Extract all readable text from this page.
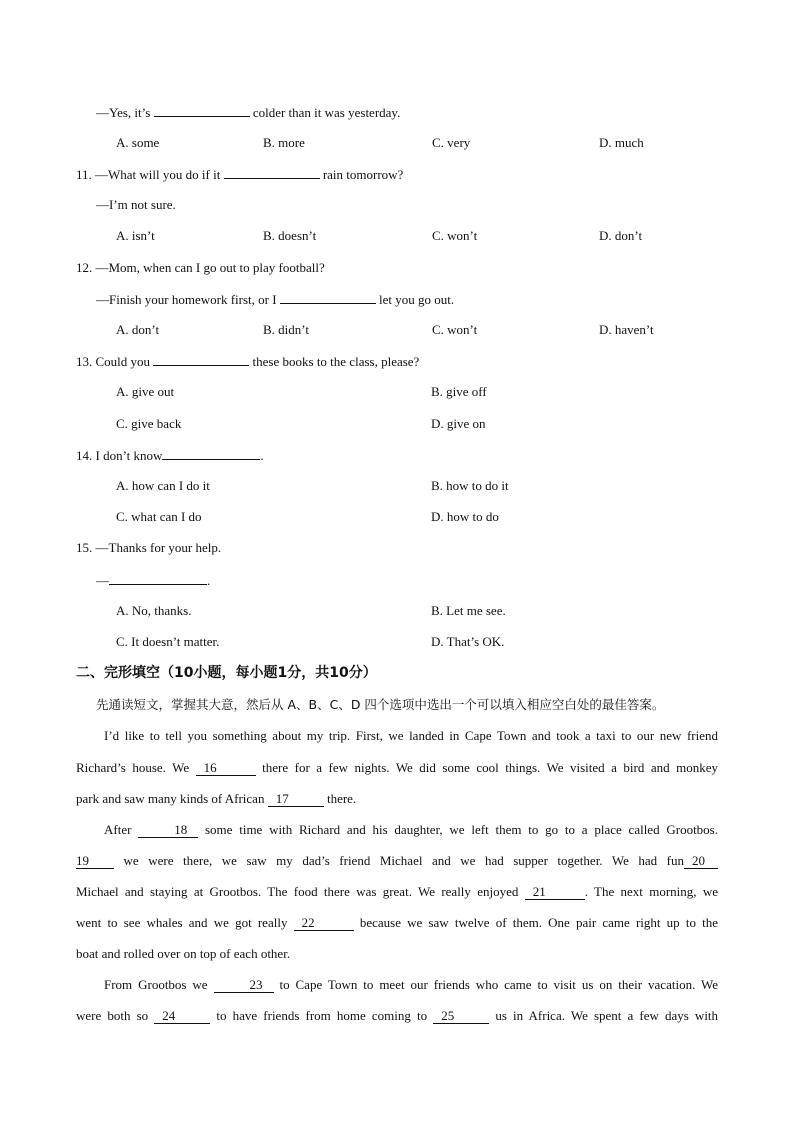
—Yes, it’s	colder than it was yesterday.
A. some	B. more	C. very	D. much
11. —What will you do if it	rain tomorrow?
—I’m not sure.
A. isn’t	B. doesn’t	C. won’t	D. don’t
12. —Mom, when can I go out to play football?
—Finish your homework first, or I	let you go out.
A. don’t	B. didn’t	C. won’t	D. haven’t
13. Could you	these books to the class, please?
A. give out	B. give off
C. give back	D. give on
14. I don’t know	.
A. how can I do it	B. how to do it
C. what can I do	D. how to do
15. —Thanks for your help.
—	.
A. No, thanks.	B. Let me see.
C. It doesn’t matter.	D. That’s OK.
二、完形填空（10小题，每小题1分，共10分）
先通读短文，掌握其大意，然后从 A、B、C、D 四个选项中选出一个可以填入相应空白处的最佳答案。
I’d like to tell you something about my trip. First, we landed in Cape Town and took a taxi to our new friend
Richard’s house. We 16	there for a few nights. We did some cool things. We visited a bird and monkey
park and saw many kinds of African 17	there.
After	18 some time with Richard and his daughter, we left them to go to a place called Grootbos.
19	we were there, we saw my dad’s friend Michael and we had supper together. We had fun 20
Michael and staying at Grootbos. The food there was great. We really enjoyed 21	. The next morning, we
went to see whales and we got really 22	because we saw twelve of them. One pair came right up to the
boat and rolled over on top of each other.
From Grootbos we	23 to Cape Town to meet our friends who came to visit us on their vacation. We
were both so 24	to have friends from home coming to 25	us in Africa. We spent a few days with
